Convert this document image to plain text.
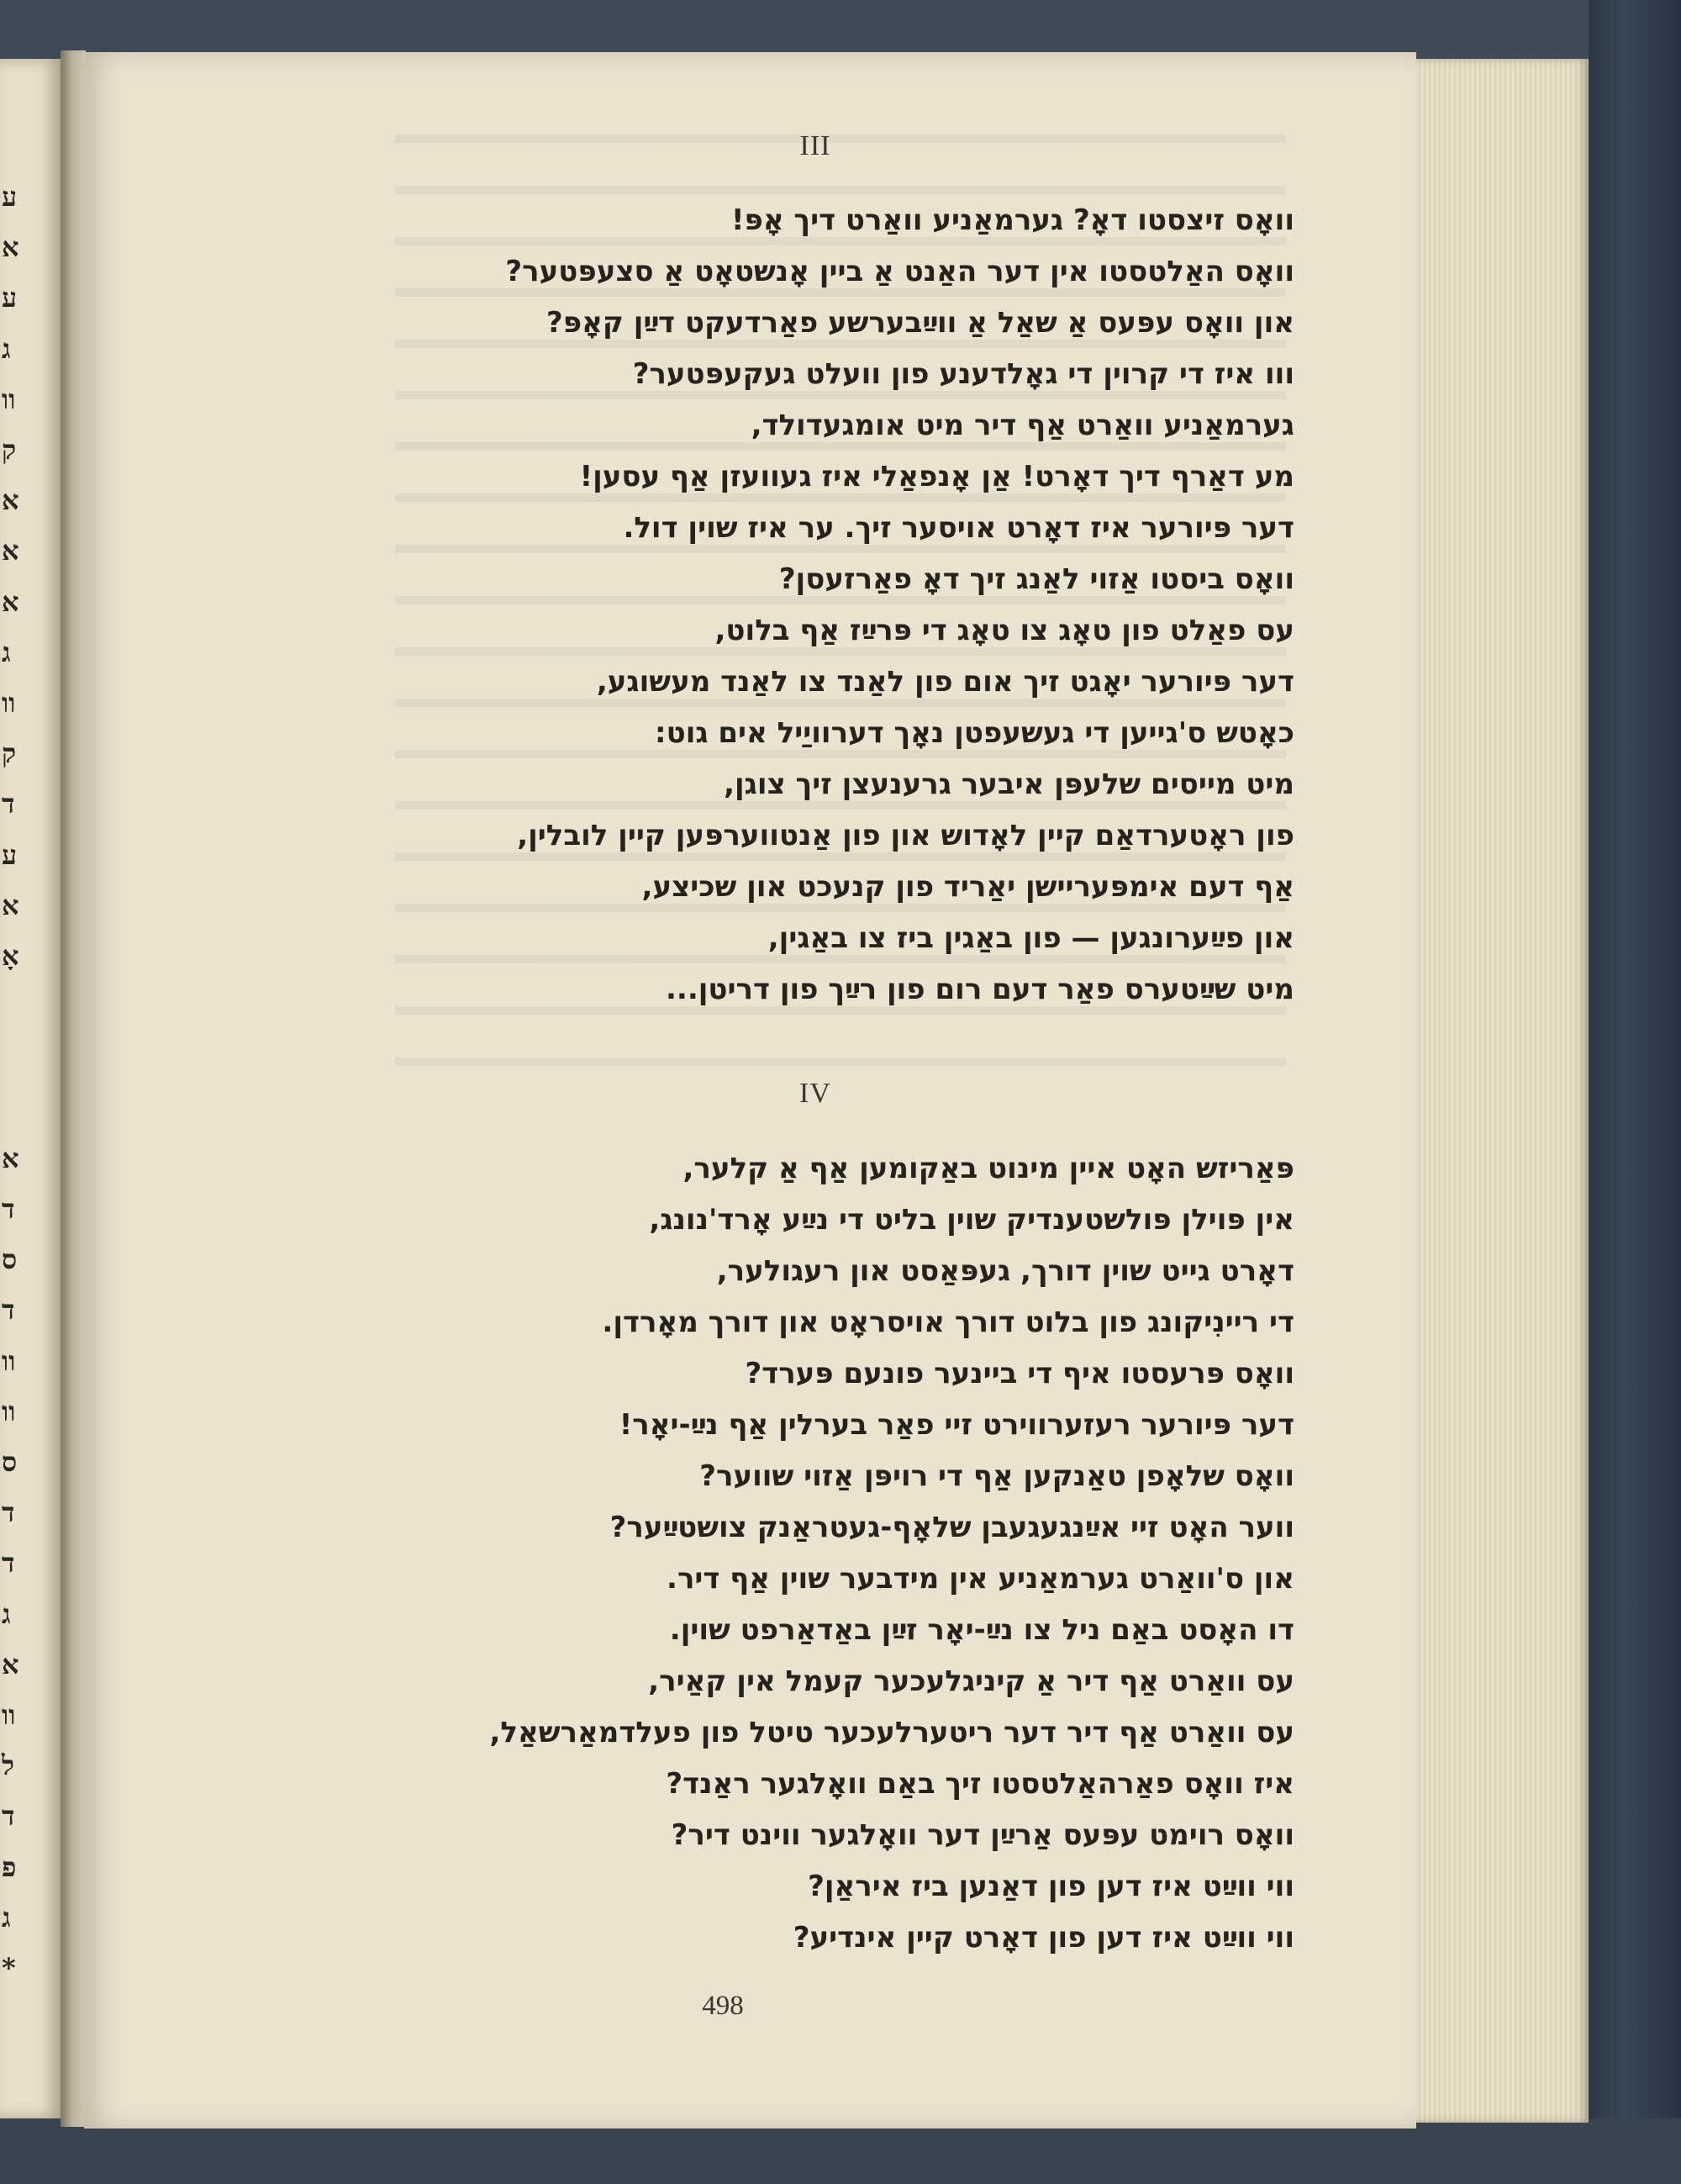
ע
א
ע
ג
וו
ק
א
א
א
ג
וו
ק
ד
ע
א
אָ
א
ד
ס
ד
וו
וו
ס
ד
ד
ג
א
וו
ל
ד
פ
ג
*
III
וואָס זיצסטו דאָ? גערמאַניע וואַרט דיך אָפּ!
וואָס האַלטסטו אין דער האַנט אַ ביין אָנשטאָט אַ סצעפּטער?
און וואָס עפּעס אַ שאַל אַ ווײַבערשע פאַרדעקט דײַן קאָפּ?
ווו איז די קרוין די גאָלדענע פון וועלט געקעפּטער?
גערמאַניע וואַרט אַף דיר מיט אומגעדולד,
מע דאַרף דיך דאָרט! אַן אָנפאַלי איז געוועזן אַף עסען!
דער פּיורער איז דאָרט אויסער זיך. ער איז שוין דול.
וואָס ביסטו אַזוי לאַנג זיך דאָ פאַרזעסן?
עס פאַלט פון טאָג צו טאָג די פּרײַז אַף בלוט,
דער פּיורער יאָגט זיך אום פון לאַנד צו לאַנד מעשוגע,
כאָטש ס'גייען די געשעפטן נאָך דערוויַיל אים גוט:
מיט מייסים שלעפּן איבער גרענעצן זיך צוגן,
פון ראָטערדאַם קיין לאָדוש און פון אַנטווערפּען קיין לובלין,
אַף דעם אימפּעריישן יאַריד פון קנעכט און שכיצע,
און פײַערונגען — פון באַגין ביז צו באַגין,
מיט שײַטערס פאַר דעם רום פון רײַך פון דריטן...
IV
פּאַריזש האָט איין מינוט באַקומען אַף אַ קלער,
אין פּוילן פּולשטענדיק שוין בליט די נײַע אָרד'נונג,
דאָרט גייט שוין דורך, געפּאַסט און רעגולער,
די ריינִיקונג פון בלוט דורך אויסראָט און דורך מאָרדן.
וואָס פּרעסטו איף די ביינער פונעם פּערד?
דער פּיורער רעזערווירט זיי פאַר בערלין אַף נײַ-יאָר!
וואָס שלאָפן טאַנקען אַף די רויפּן אַזוי שווער?
ווער האָט זיי אײַנגעגעבן שלאָף-געטראַנק צושטײַער?
און ס'וואַרט גערמאַניע אין מידבער שוין אַף דיר.
דו האָסט באַם ניל צו נײַ-יאָר זײַן באַדאַרפט שוין.
עס וואַרט אַף דיר אַ קיניגלעכער קעמל אין קאַיר,
עס וואַרט אַף דיר דער ריטערלעכער טיטל פון פעלדמאַרשאַל,
איז וואָס פאַרהאַלטסטו זיך באַם וואָלגער ראַנד?
וואָס רוימט עפּעס אַרײַן דער וואָלגער ווינט דיר?
ווי ווײַט איז דען פון דאַנען ביז איראַן?
ווי ווײַט איז דען פון דאָרט קיין אינדיע?
498
